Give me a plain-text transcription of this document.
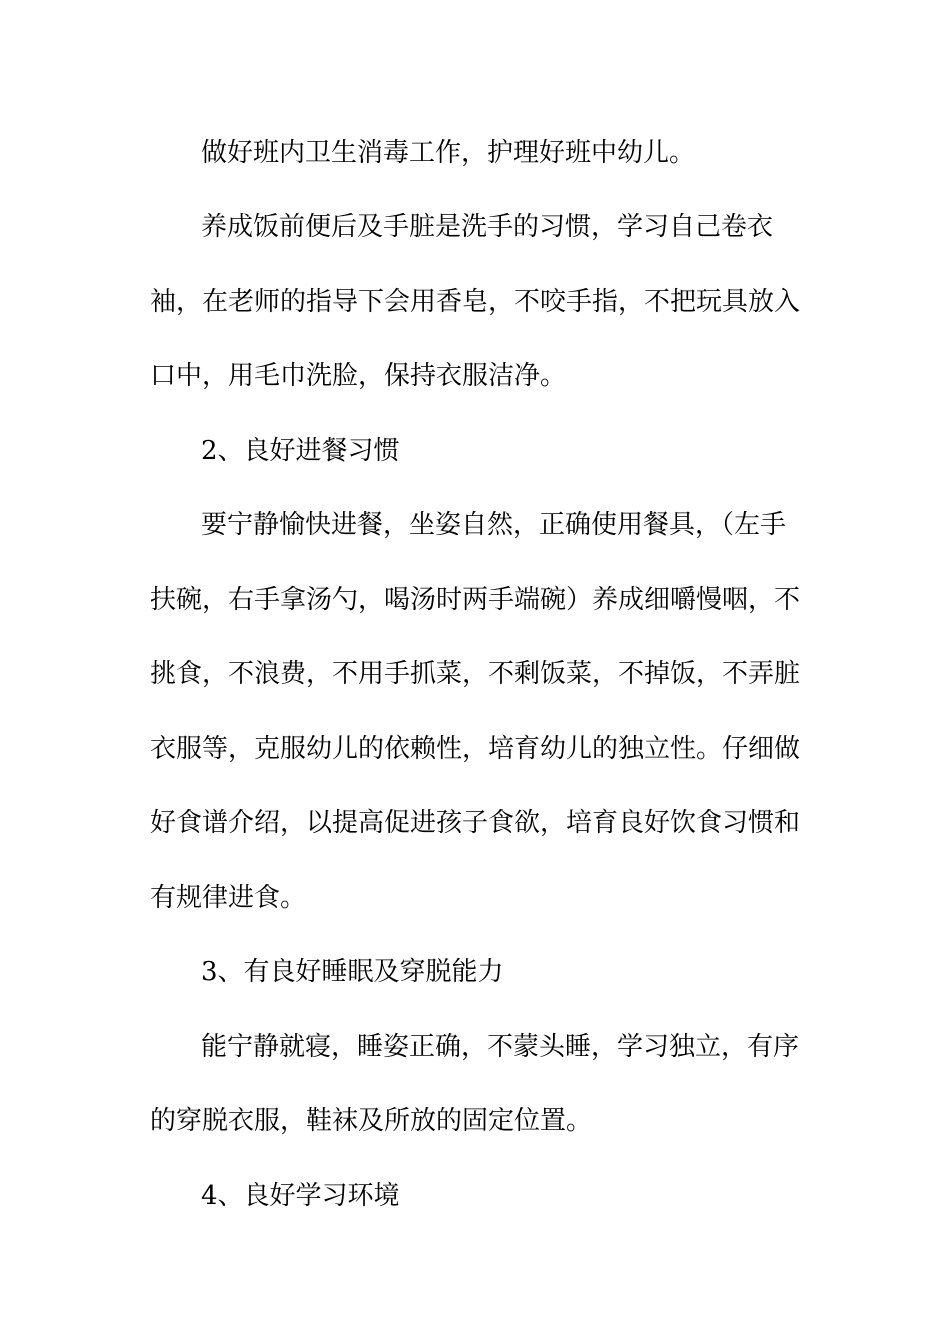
做好班内卫生消毒工作，护理好班中幼儿。
养成饭前便后及手脏是洗手的习惯，学习自己卷衣
袖，在老师的指导下会用香皂，不咬手指，不把玩具放入
口中，用毛巾洗脸，保持衣服洁净。
2、良好进餐习惯
要宁静愉快进餐，坐姿自然，正确使用餐具，（左手
扶碗，右手拿汤勺，喝汤时两手端碗）养成细嚼慢咽，不
挑食，不浪费，不用手抓菜，不剩饭菜，不掉饭，不弄脏
衣服等，克服幼儿的依赖性，培育幼儿的独立性。仔细做
好食谱介绍，以提高促进孩子食欲，培育良好饮食习惯和
有规律进食。
3、有良好睡眠及穿脱能力
能宁静就寝，睡姿正确，不蒙头睡，学习独立，有序
的穿脱衣服，鞋袜及所放的固定位置。
4、良好学习环境
